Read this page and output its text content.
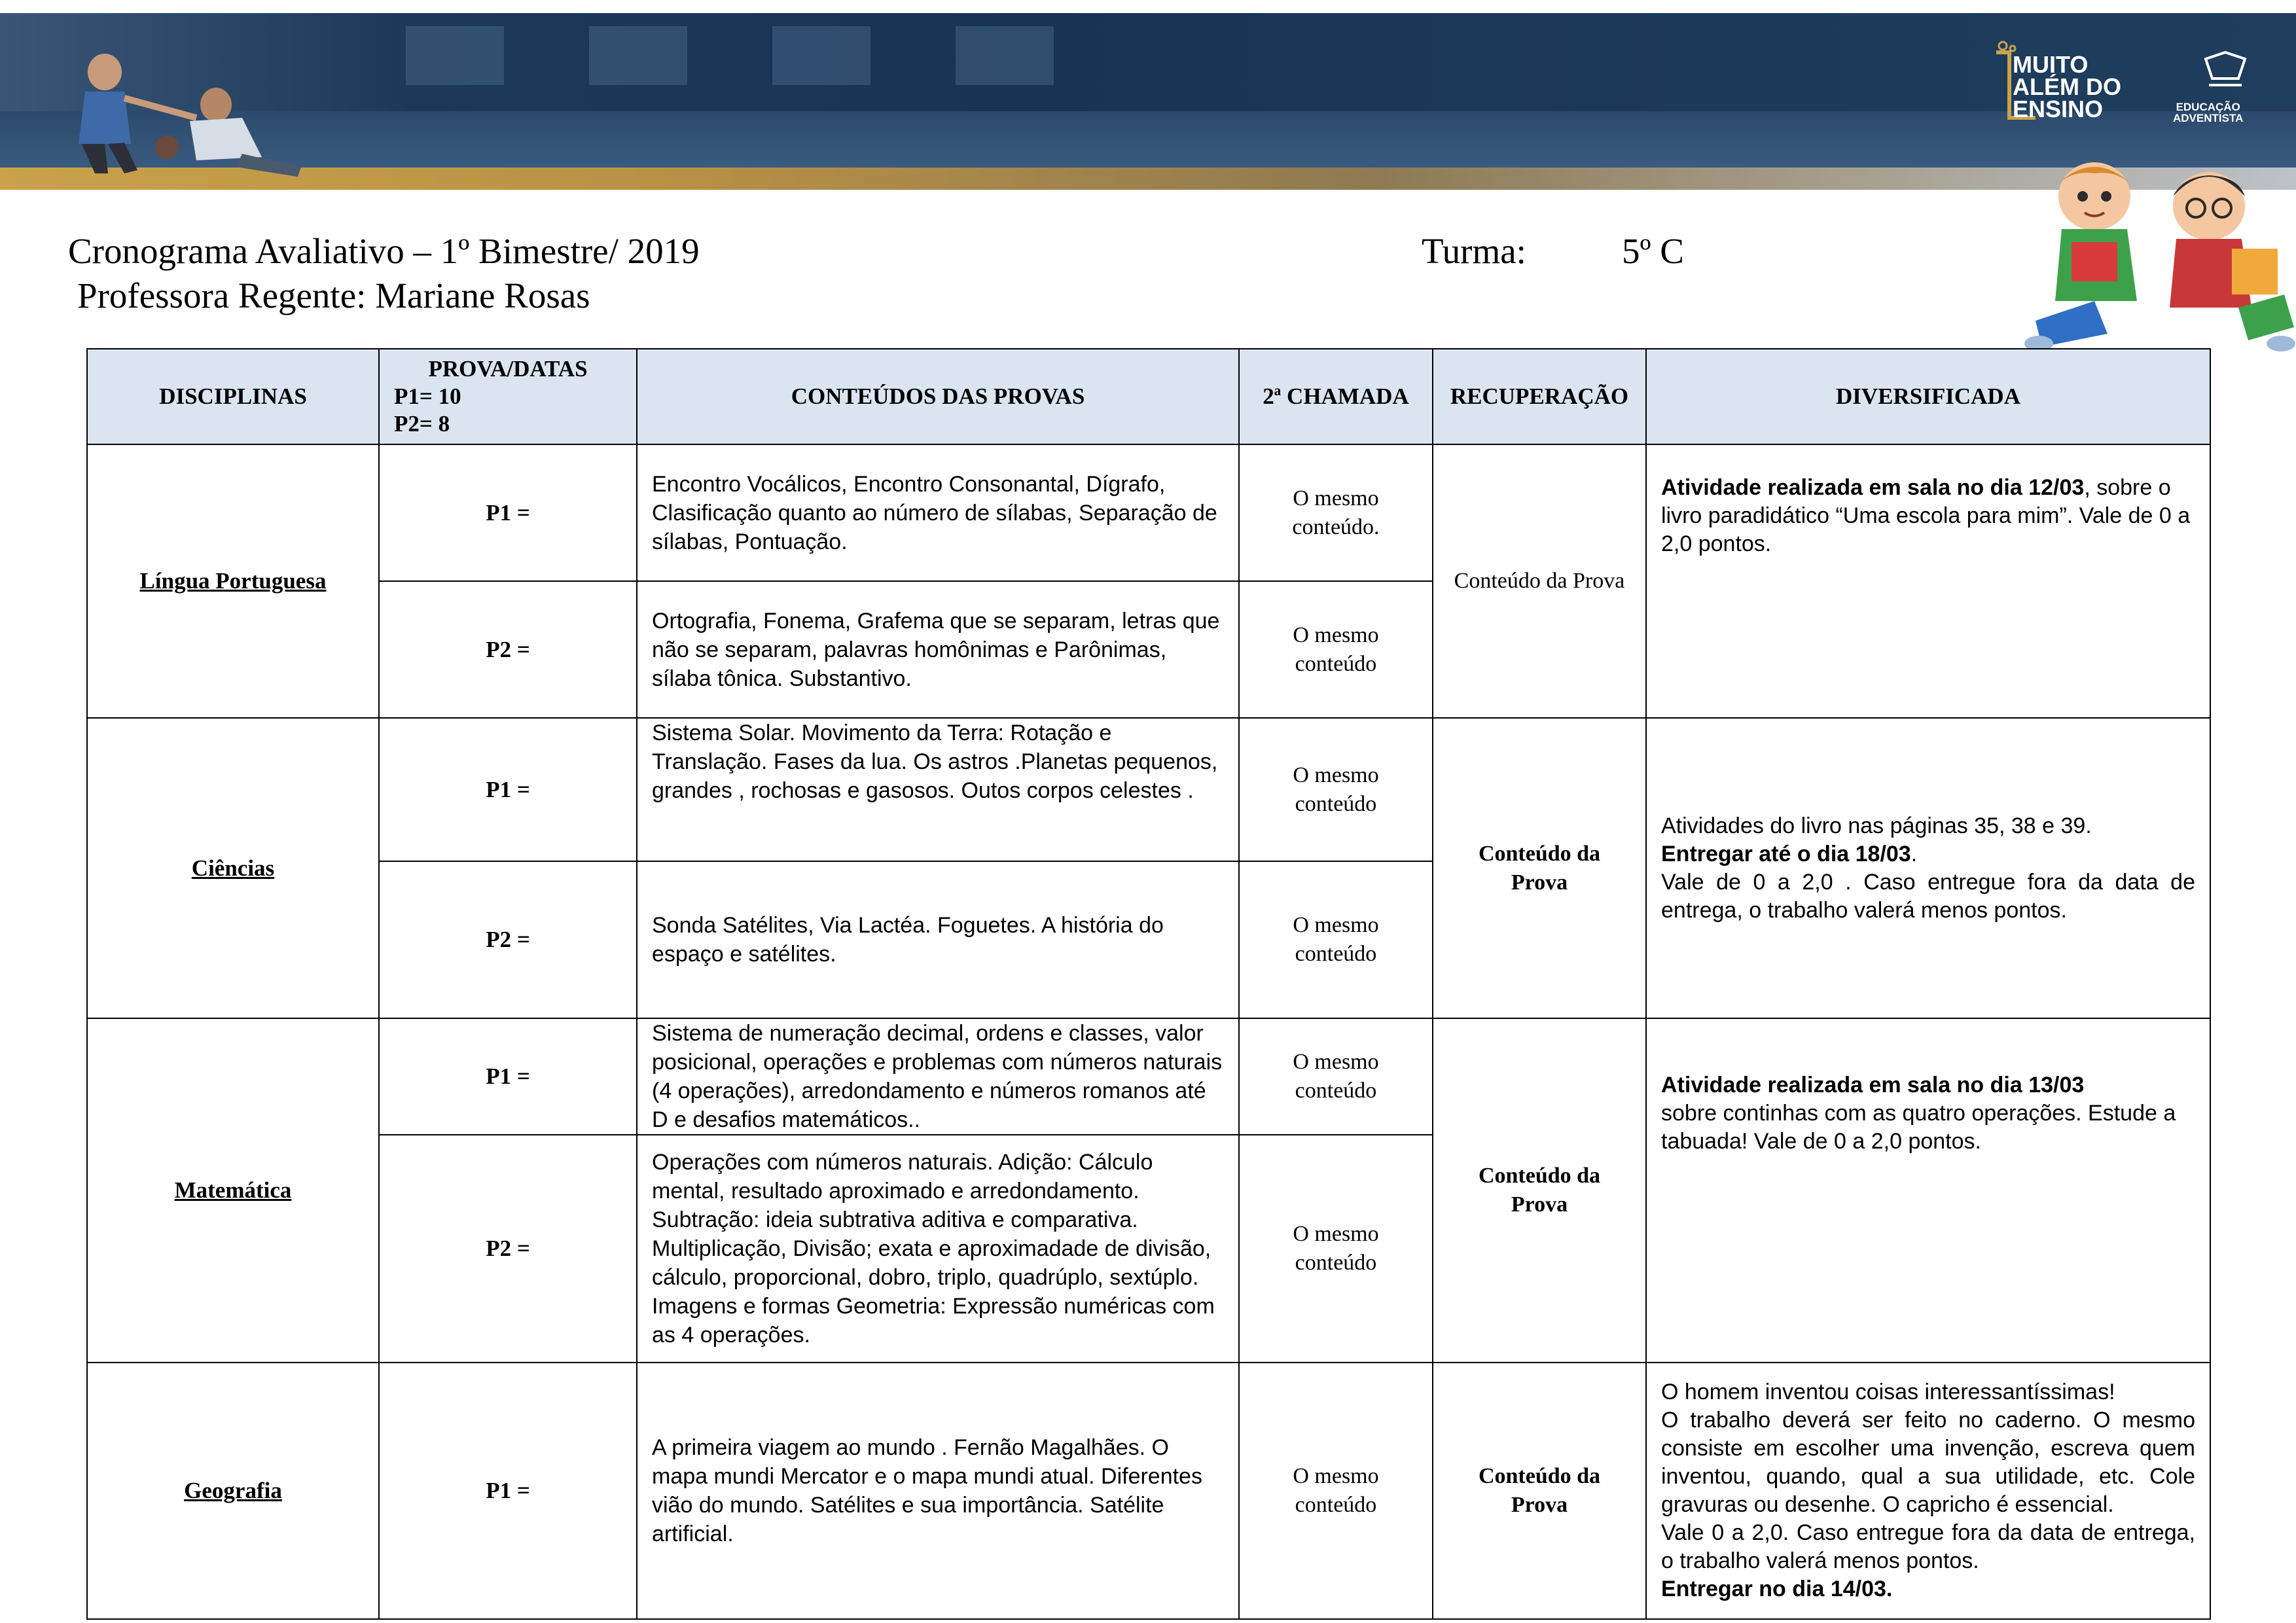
MUITO
ALÉM DO
ENSINO	EDUCAÇÃO
ADVENTISTA
Cronograma Avaliativo – 1º Bimestre/ 2019	Turma:	5º C
Professora Regente: Mariane Rosas
DISCIPLINAS	PROVA/DATAS
P1= 10
P2= 8	CONTEÚDOS DAS PROVAS	2ª CHAMADA	RECUPERAÇÃO	DIVERSIFICADA
Língua Portuguesa	P1 =	Encontro Vocálicos, Encontro Consonantal, Dígrafo, Clasificação quanto ao número de sílabas, Separação de sílabas, Pontuação.	O mesmo conteúdo.	Conteúdo da Prova	Atividade realizada em sala no dia 12/03, sobre o livro paradidático “Uma escola para mim”. Vale de 0 a 2,0 pontos.
	P2 =	Ortografia, Fonema, Grafema que se separam, letras que não se separam, palavras homônimas e Parônimas, sílaba tônica. Substantivo.	O mesmo conteúdo		
Ciências	P1 =	Sistema Solar. Movimento da Terra: Rotação e Translação. Fases da lua. Os astros .Planetas pequenos, grandes , rochosas e gasosos. Outos corpos celestes .	O mesmo conteúdo	Conteúdo da Prova	Atividades do livro nas páginas 35, 38 e 39.
Entregar até o dia 18/03.
Vale de 0 a 2,0 . Caso entregue fora da data de entrega, o trabalho valerá menos pontos.
	P2 =	Sonda Satélites, Via Lactéa. Foguetes. A história do espaço e satélites.	O mesmo conteúdo		
Matemática	P1 =	Sistema de numeração decimal, ordens e classes, valor posicional, operações e problemas com números naturais (4 operações), arredondamento e números romanos até D e desafios matemáticos..	O mesmo conteúdo	Conteúdo da Prova	Atividade realizada em sala no dia 13/03
sobre continhas com as quatro operações. Estude a tabuada! Vale de 0 a 2,0 pontos.
	P2 =	Operações com números naturais. Adição: Cálculo mental, resultado aproximado e arredondamento. Subtração: ideia subtrativa aditiva e comparativa. Multiplicação, Divisão; exata e aproximadade de divisão, cálculo, proporcional, dobro, triplo, quadrúplo, sextúplo. Imagens e formas Geometria: Expressão numéricas com as 4 operações.	O mesmo conteúdo		
Geografia	P1 =	A primeira viagem ao mundo . Fernão Magalhães. O mapa mundi Mercator e o mapa mundi atual. Diferentes vião do mundo. Satélites e sua importância. Satélite artificial.	O mesmo conteúdo	Conteúdo da Prova	O homem inventou coisas interessantíssimas!
O trabalho deverá ser feito no caderno. O mesmo consiste em escolher uma invenção, escreva quem inventou, quando, qual a sua utilidade, etc. Cole gravuras ou desenhe. O capricho é essencial.
Vale 0 a 2,0. Caso entregue fora da data de entrega, o trabalho valerá menos pontos.
Entregar no dia 14/03.
